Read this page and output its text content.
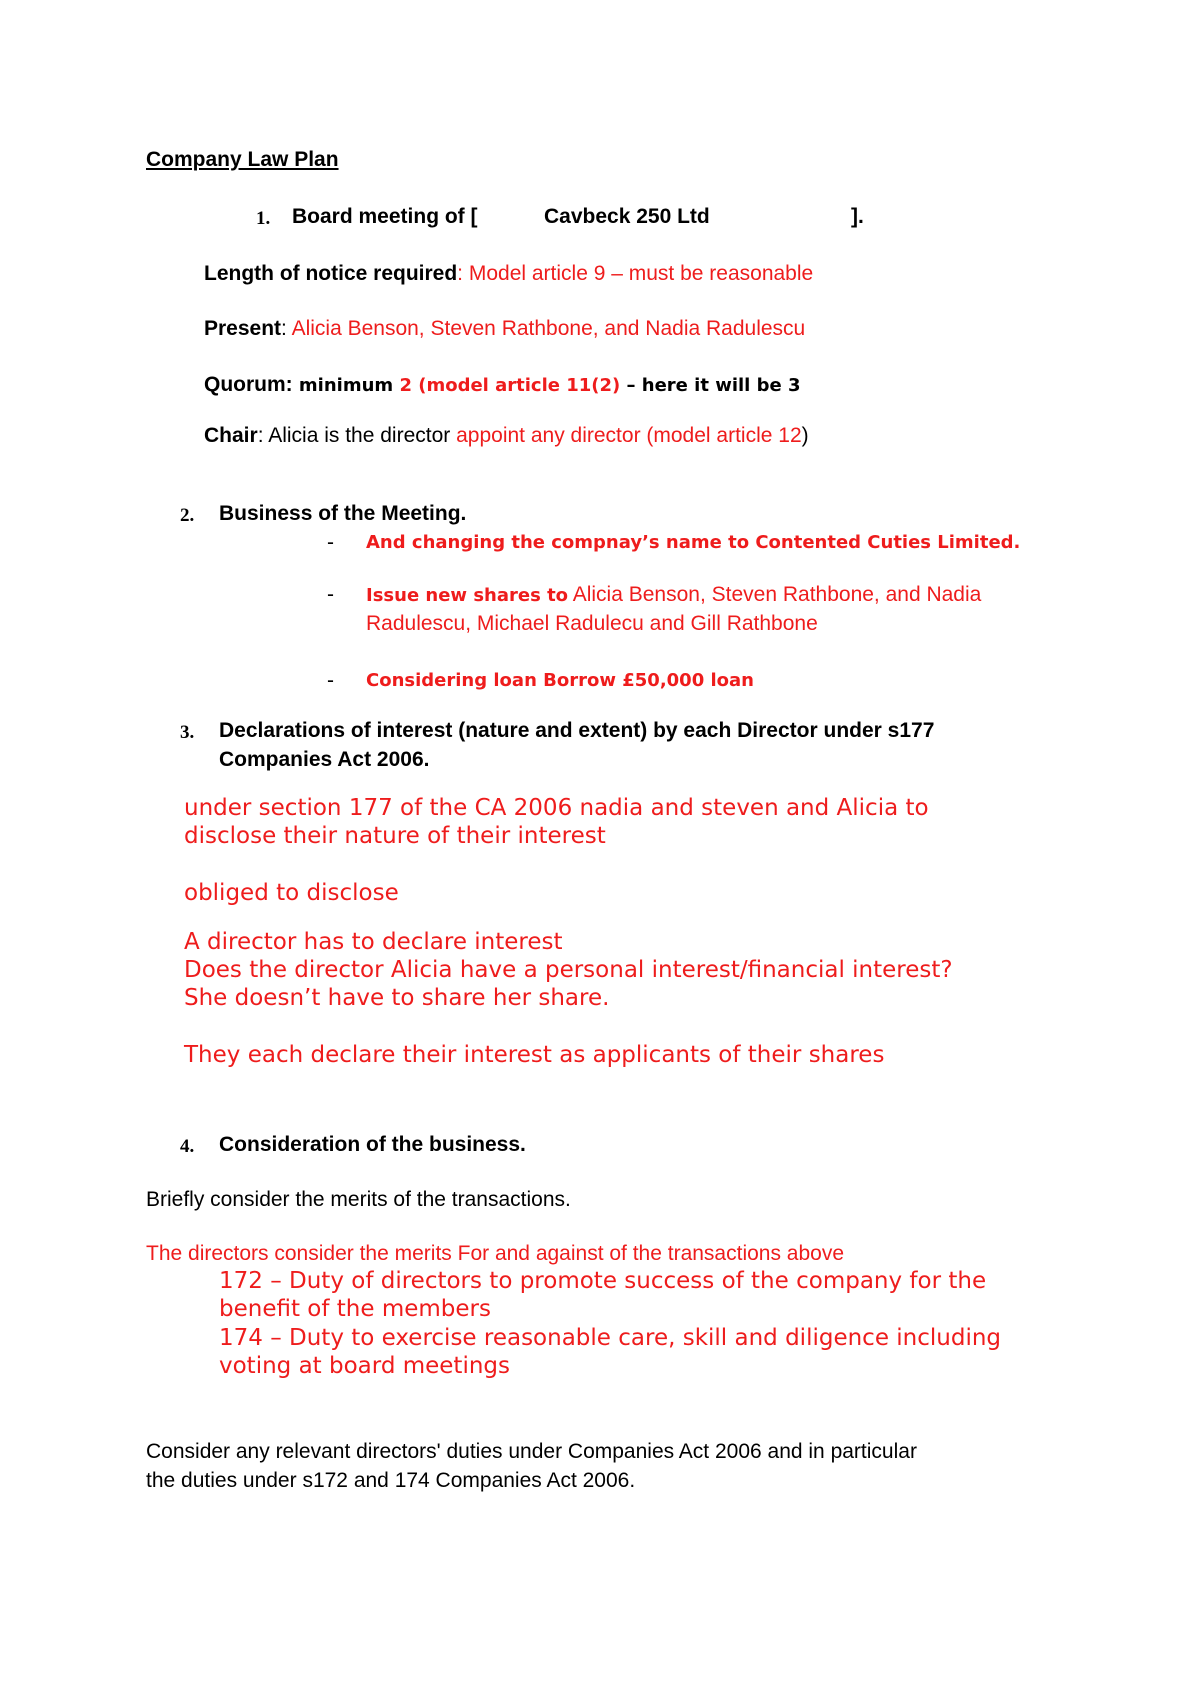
Company Law Plan
1. Board meeting of [	Cavbeck 250 Ltd	].
Length of notice required: Model article 9 – must be reasonable
Present: Alicia Benson, Steven Rathbone, and Nadia Radulescu
Quorum: minimum 2 (model article 11(2) – here it will be 3
Chair: Alicia is the director appoint any director (model article 12)
2. Business of the Meeting.
- And changing the compnay’s name to Contented Cuties Limited.
- Issue new shares to Alicia Benson, Steven Rathbone, and Nadia
Radulescu, Michael Radulecu and Gill Rathbone
- Considering loan Borrow £50,000 loan
3. Declarations of interest (nature and extent) by each Director under s177
Companies Act 2006.
under section 177 of the CA 2006 nadia and steven and Alicia to
disclose their nature of their interest
obliged to disclose
A director has to declare interest
Does the director Alicia have a personal interest/financial interest?
She doesn’t have to share her share.
They each declare their interest as applicants of their shares
4. Consideration of the business.
Briefly consider the merits of the transactions.
The directors consider the merits For and against of the transactions above
172 – Duty of directors to promote success of the company for the
benefit of the members
174 – Duty to exercise reasonable care, skill and diligence including
voting at board meetings
Consider any relevant directors' duties under Companies Act 2006 and in particular
the duties under s172 and 174 Companies Act 2006.
